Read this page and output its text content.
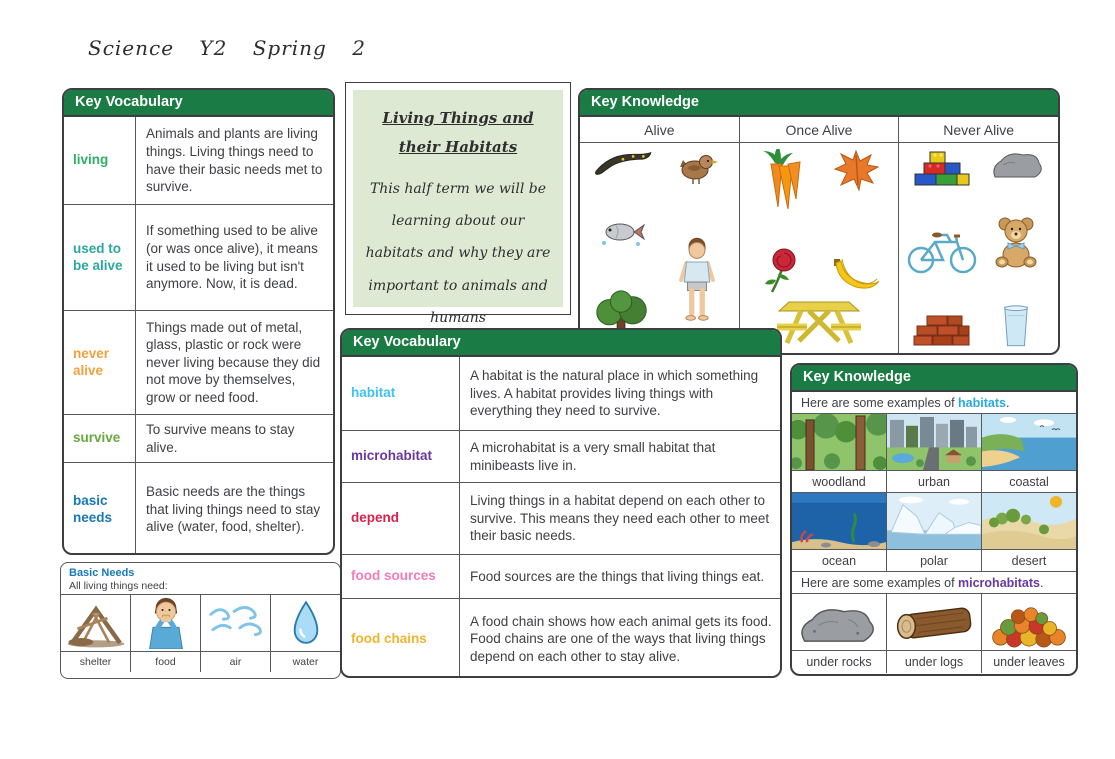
Science Y2 Spring 2
Key Vocabulary
living
Animals and plants are living things. Living things need to have their basic needs met to survive.
used to be alive
If something used to be alive (or was once alive), it means it used to be living but isn't anymore. Now, it is dead.
never alive
Things made out of metal, glass, plastic or rock were never living because they did not move by themselves, grow or need food.
survive
To survive means to stay alive.
basic needs
Basic needs are the things that living things need to stay alive (water, food, shelter).
Living Things and their Habitats
This half term we will be learning about our habitats and why they are important to animals and humans
Key Knowledge
Alive	Once Alive	Never Alive
Key Vocabulary
habitat
A habitat is the natural place in which something lives. A habitat provides living things with everything they need to survive.
microhabitat
A microhabitat is a very small habitat that minibeasts live in.
depend
Living things in a habitat depend on each other to survive. This means they need each other to meet their basic needs.
food sources	Food sources are the things that living things eat.
food chains
A food chain shows how each animal gets its food. Food chains are one of the ways that living things depend on each other to stay alive.
Key Knowledge
Here are some examples of habitats.
woodland	urban	coastal
ocean	polar	desert
Here are some examples of microhabitats.
under rocks	under logs	under leaves
Basic Needs
All living things need:
shelter	food	air	water
